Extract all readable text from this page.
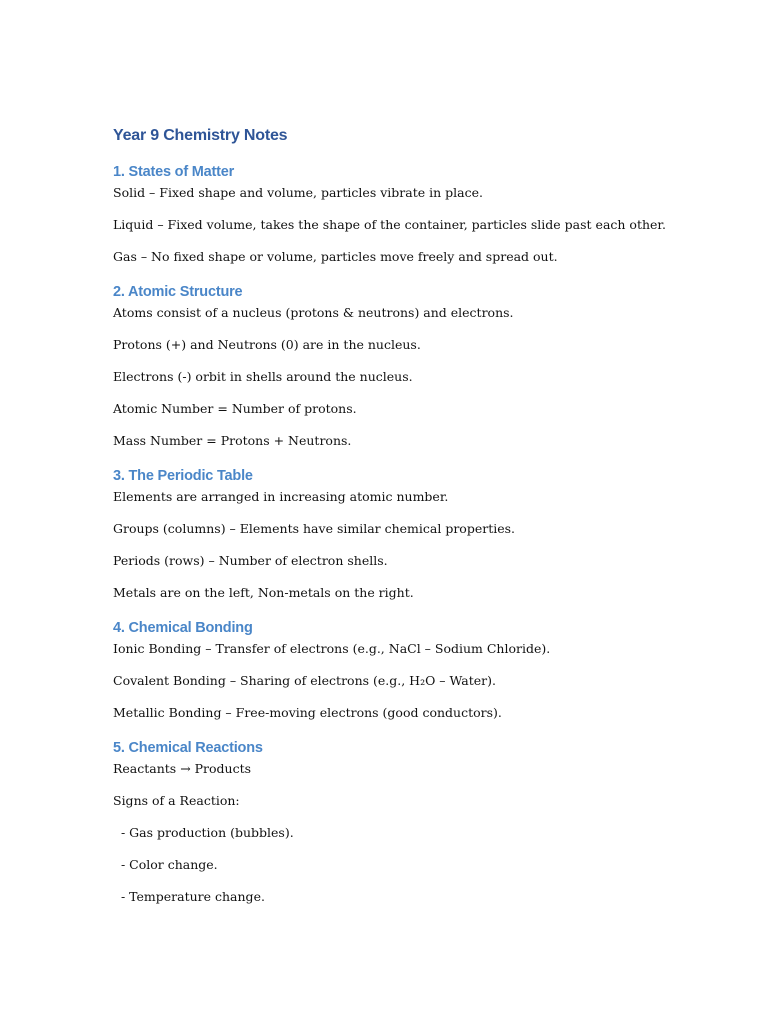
Year 9 Chemistry Notes
1. States of Matter

Solid – Fixed shape and volume, particles vibrate in place.

Liquid – Fixed volume, takes the shape of the container, particles slide past each other.

Gas – No fixed shape or volume, particles move freely and spread out.

2. Atomic Structure

Atoms consist of a nucleus (protons & neutrons) and electrons.

Protons (+) and Neutrons (0) are in the nucleus.

Electrons (-) orbit in shells around the nucleus.

Atomic Number = Number of protons.

Mass Number = Protons + Neutrons.

3. The Periodic Table

Elements are arranged in increasing atomic number.

Groups (columns) – Elements have similar chemical properties.

Periods (rows) – Number of electron shells.

Metals are on the left, Non-metals on the right.

4. Chemical Bonding

Ionic Bonding – Transfer of electrons (e.g., NaCl – Sodium Chloride).

Covalent Bonding – Sharing of electrons (e.g., H₂O – Water).

Metallic Bonding – Free-moving electrons (good conductors).

5. Chemical Reactions

Reactants → Products

Signs of a Reaction:

- Gas production (bubbles).

- Color change.

- Temperature change.
